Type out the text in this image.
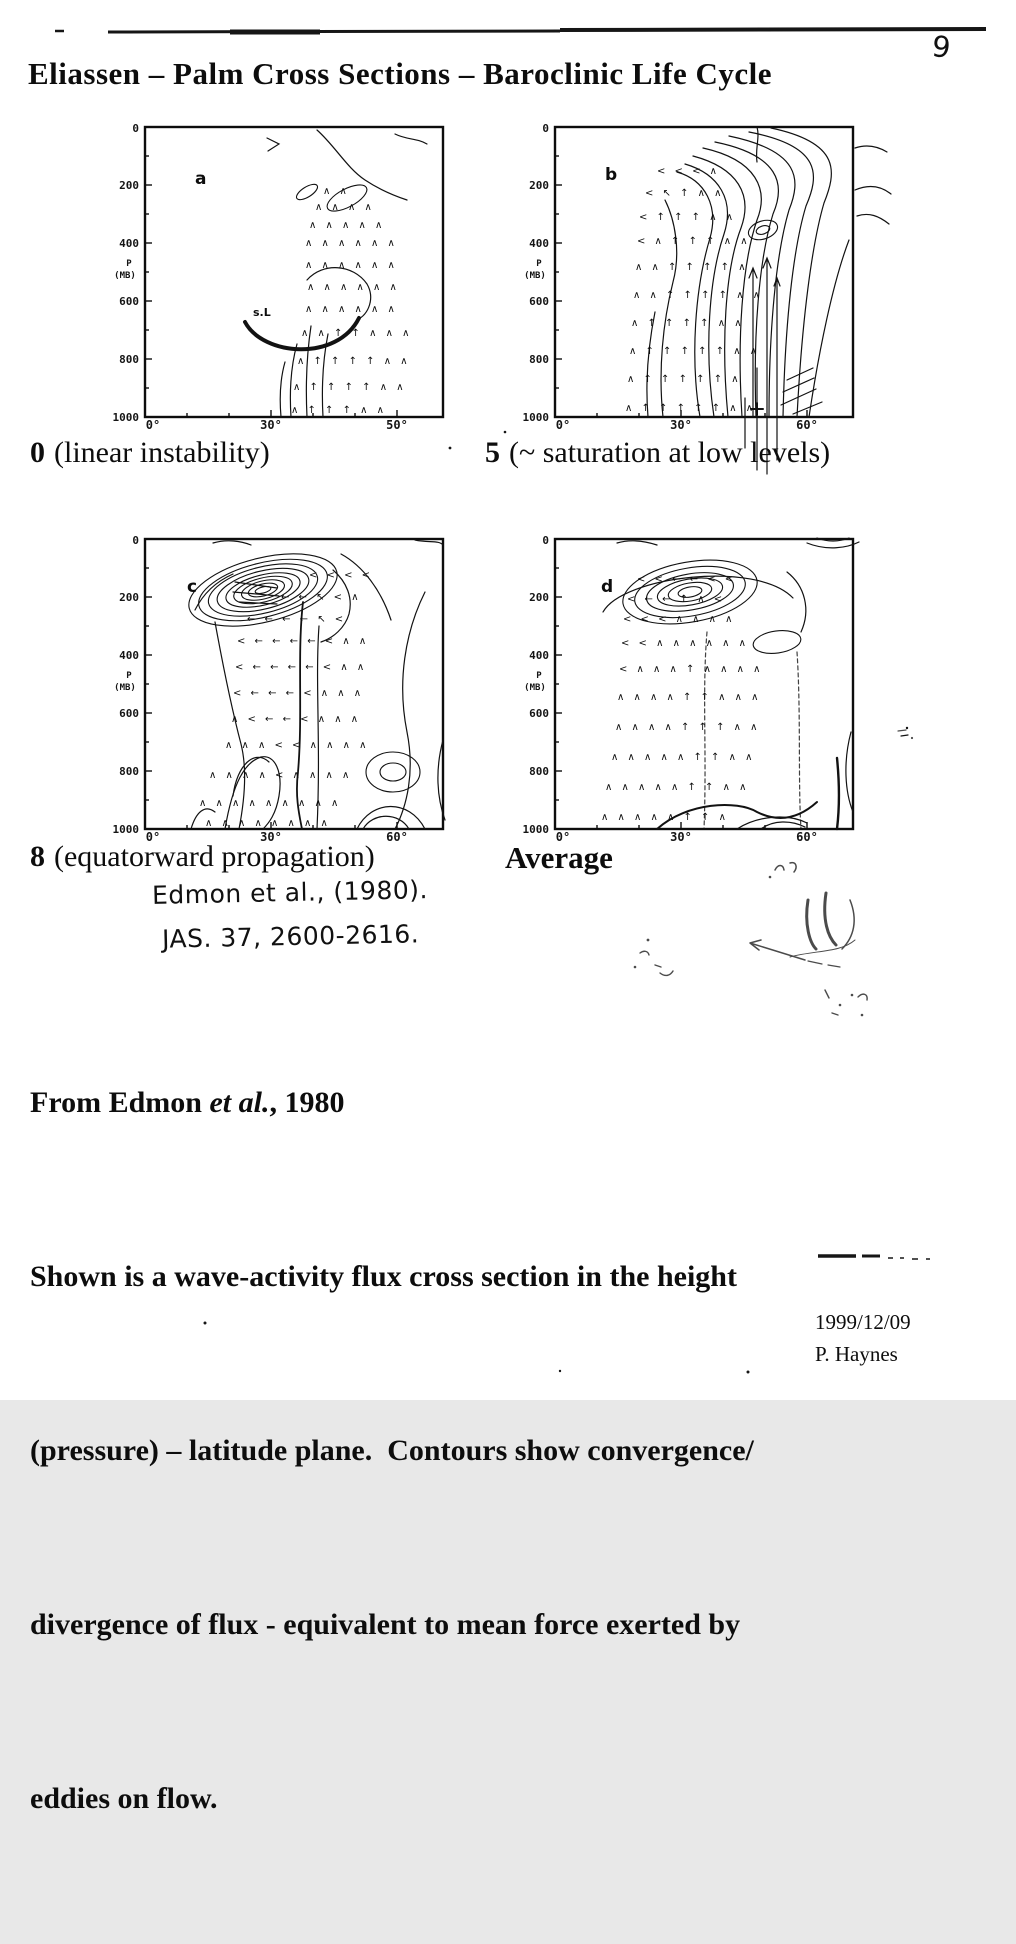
9
Eliassen – Palm Cross Sections – Baroclinic Life Cycle
0
200
400
P
(MB)
600
800
1000
0°	30°	50°
∧ ∧
∧ ∧ ∧ ∧
∧ ∧ ∧ ∧ ∧
∧ ∧ ∧ ∧ ∧ ∧
∧ ∧ ∧ ∧ ∧ ∧
∧ ∧ ∧ ∧ ∧ ∧
∧ ∧ ∧ ∧ ∧ ∧
∧ ∧ ↑ ↑ ∧ ∧ ∧
∧ ↑ ↑ ↑ ↑ ∧ ∧
∧ ↑ ↑ ↑ ↑ ∧ ∧
∧ ↑ ↑ ↑ ∧ ∧
a
s.L
0
200
400
P
(MB)
600
800
1000
0°	30°	60°
< < < ∧
< ↖ ↑ ∧ ∧
< ↑ ↑ ↑ ∧ ∧
< ∧ ↑ ↑ ↑ ∧ ∧
∧ ∧ ↑ ↑ ↑ ↑ ∧
∧ ∧ ↑ ↑ ↑ ↑ ∧ ∧
∧ ↑ ↑ ↑ ↑ ∧ ∧
∧ ↑ ↑ ↑ ↑ ↑ ∧ ∧
∧ ↑ ↑ ↑ ↑ ↑ ∧
∧ ↑ ↑ ↑ ↑ ↑ ∧ ∧
b
0 (linear instability)	5 (~ saturation at low levels)
0
200
400
P
(MB)
600
800
1000
0°	30°	60°
< < < <
← ← ↖ < ∧
← ← ← ← ↖ <
< ← ← ← ← < ∧ ∧
< ← ← ← ← < ∧ ∧
< ← ← ← < ∧ ∧ ∧
∧ < ← ← < ∧ ∧ ∧
∧ ∧ ∧ < < ∧ ∧ ∧ ∧
∧ ∧ ∧ ∧ < ∧ ∧ ∧ ∧
∧ ∧ ∧ ∧ ∧ ∧ ∧ ∧ ∧
∧ ∧ ∧ ∧ ∧ ∧ ∧ ∧
c
0
200
400
P
(MB)
600
800
1000
0°	30°	60°
< < ← ← < <
< ← ← ↑ ∧ <
< < < ∧ ∧ ∧ ∧
< < ∧ ∧ ∧ ∧ ∧ ∧
< ∧ ∧ ∧ ↑ ∧ ∧ ∧ ∧
∧ ∧ ∧ ∧ ↑ ↑ ∧ ∧ ∧
∧ ∧ ∧ ∧ ↑ ↑ ↑ ∧ ∧
∧ ∧ ∧ ∧ ∧ ↑ ↑ ∧ ∧
∧ ∧ ∧ ∧ ∧ ↑ ↑ ∧ ∧
∧ ∧ ∧ ∧ ∧ ↑ ↑ ∧
d
8 (equatorward propagation)	Average
Edmon et al., (1980).
JAS. 37, 2600-2616.

From Edmon et al., 1980

Shown is a wave-activity flux cross section in the height

(pressure) – latitude plane.  Contours show convergence/

divergence of flux - equivalent to mean force exerted by

eddies on flow.

1999/12/09
P. Haynes
